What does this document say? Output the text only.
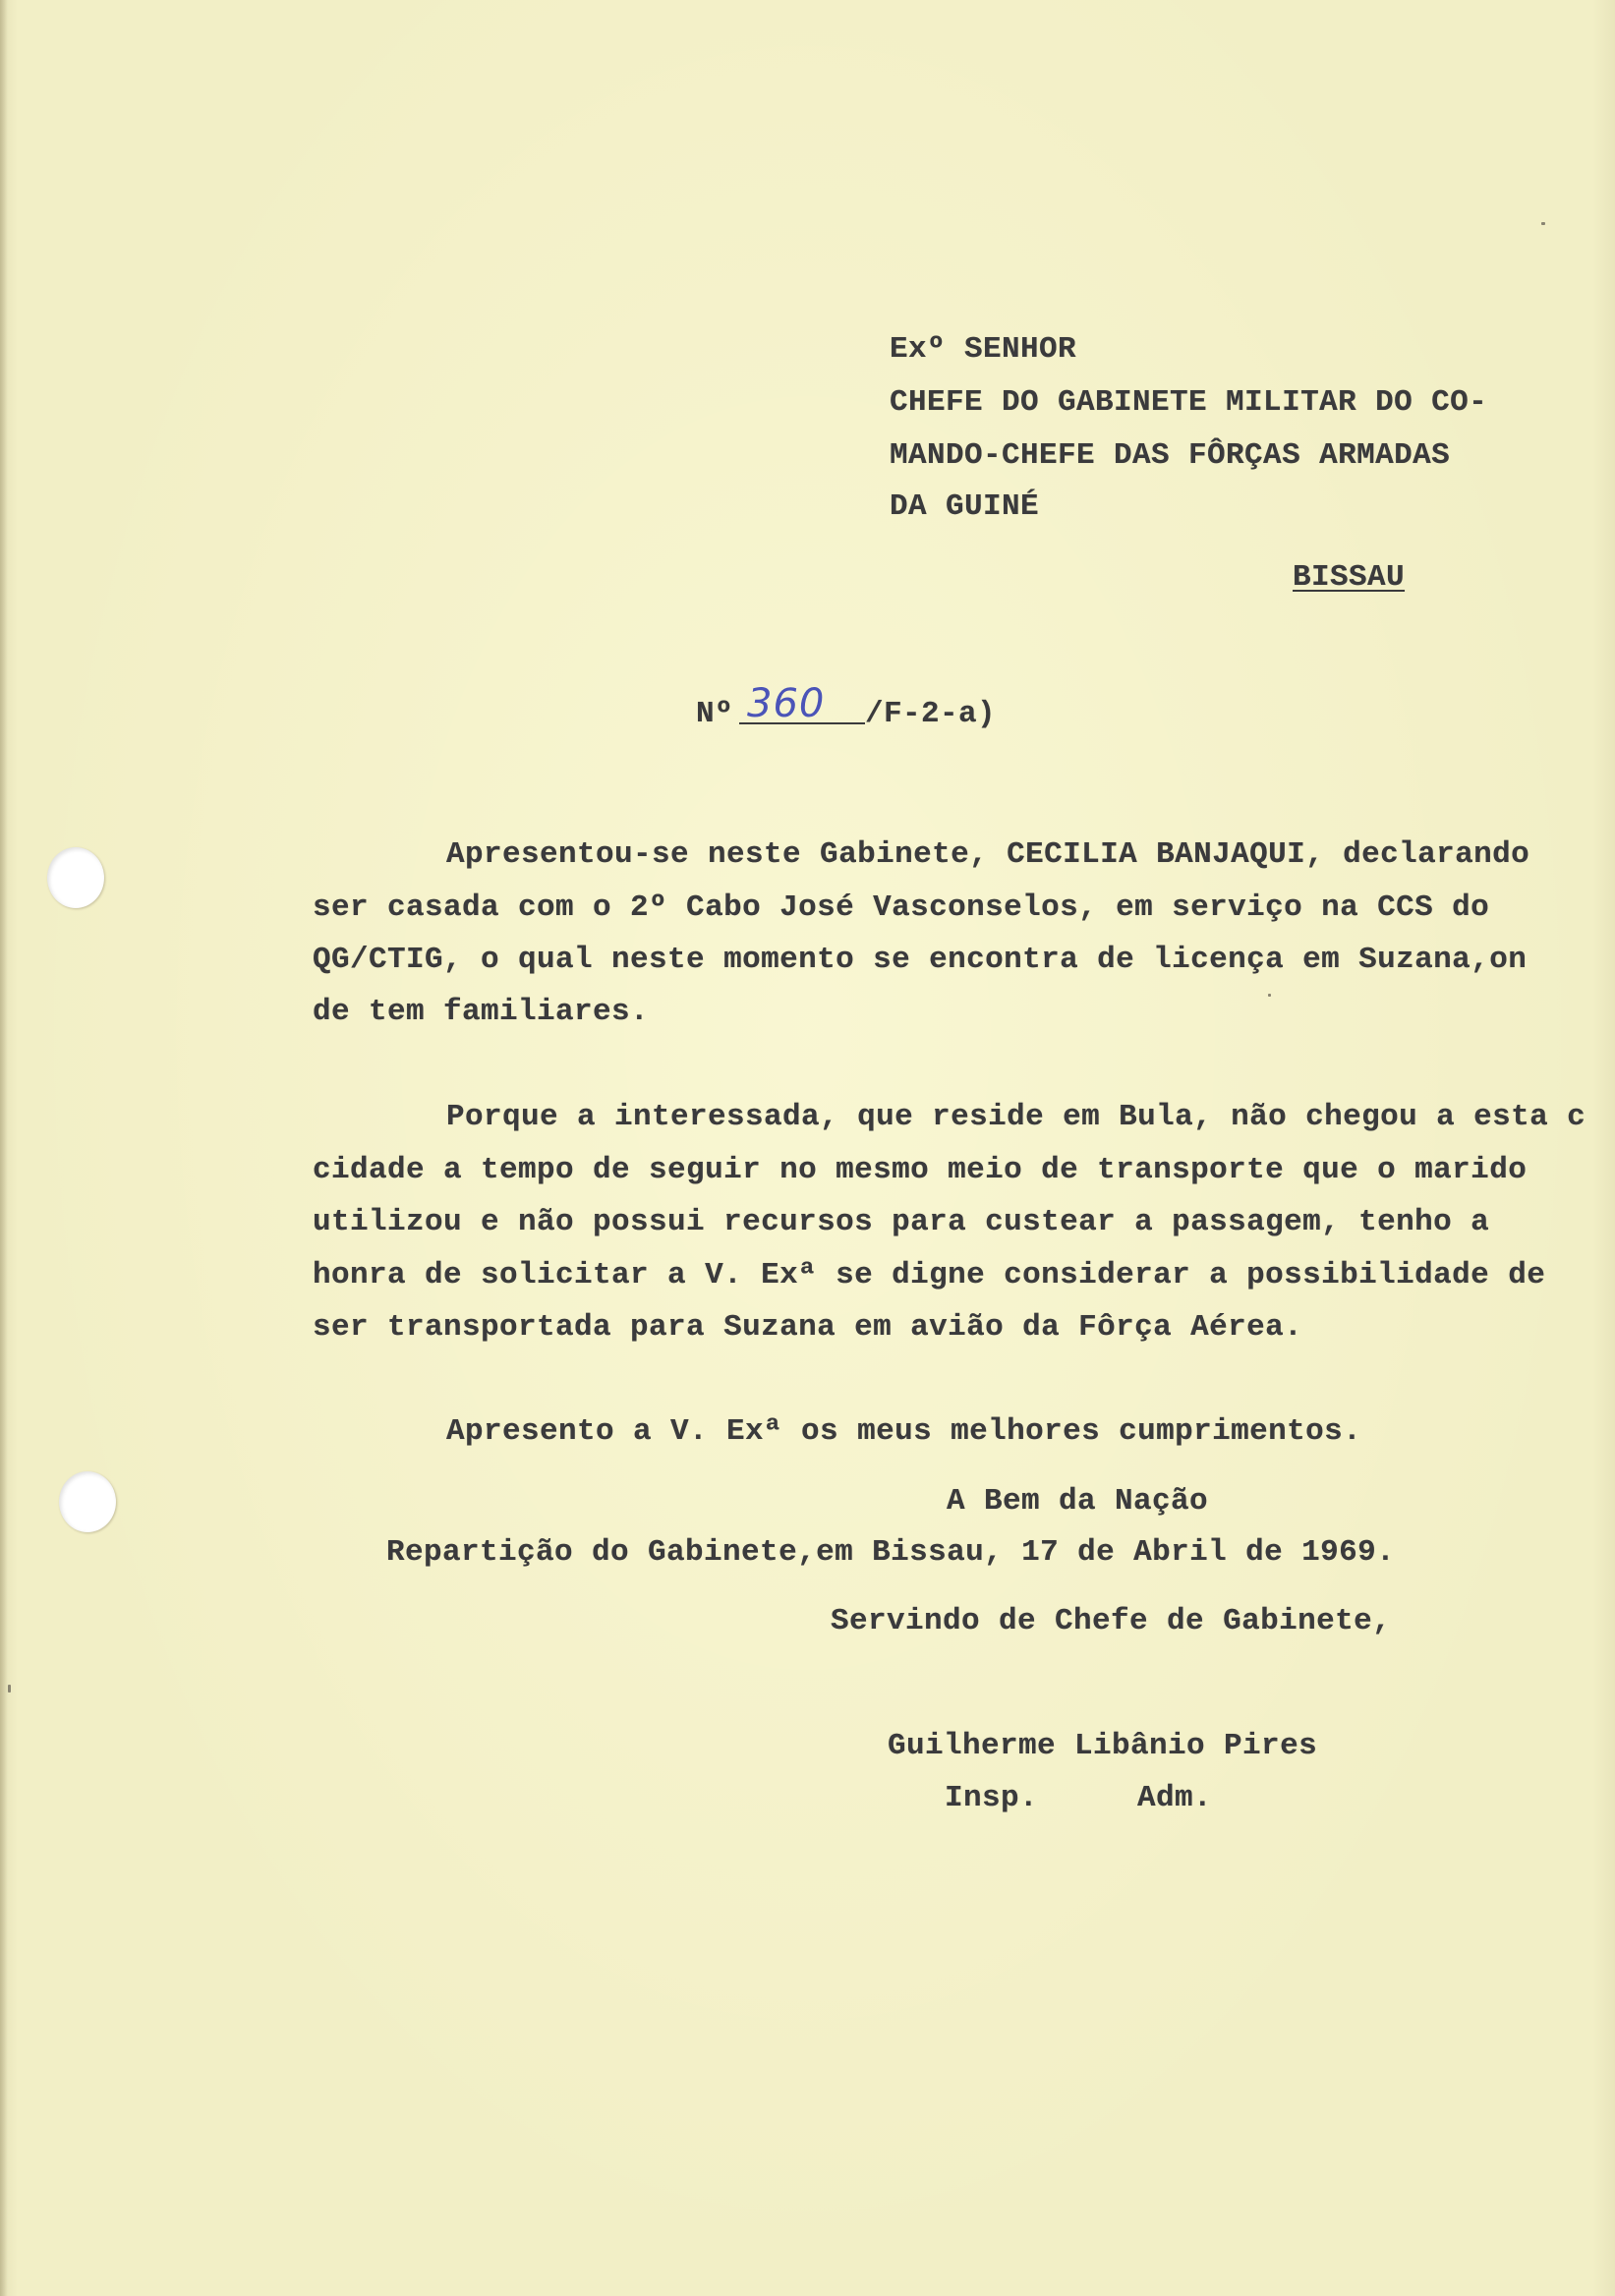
Exº SENHOR
CHEFE DO GABINETE MILITAR DO CO-
MANDO-CHEFE DAS FÔRÇAS ARMADAS
DA GUINÉ
BISSAU
Nº 360 /F-2-a)
Apresentou-se neste Gabinete, CECILIA BANJAQUI, declarando
ser casada com o 2º Cabo José Vasconselos, em serviço na CCS do
QG/CTIG, o qual neste momento se encontra de licença em Suzana,on
de tem familiares.
Porque a interessada, que reside em Bula, não chegou a esta c
cidade a tempo de seguir no mesmo meio de transporte que o marido
utilizou e não possui recursos para custear a passagem, tenho a
honra de solicitar a V. Exª se digne considerar a possibilidade de
ser transportada para Suzana em avião da Fôrça Aérea.
Apresento a V. Exª os meus melhores cumprimentos.
A Bem da Nação
Repartição do Gabinete,em Bissau, 17 de Abril de 1969.
Servindo de Chefe de Gabinete,
Guilherme Libânio Pires
Insp.	Adm.
